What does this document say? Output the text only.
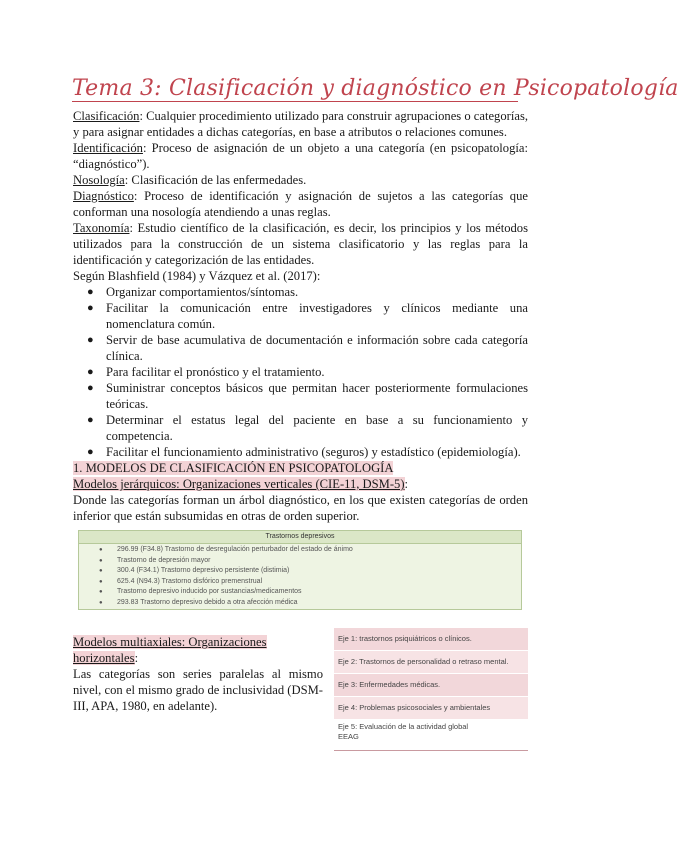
Tema 3: Clasificación y diagnóstico en Psicopatología

Clasificación: Cualquier procedimiento utilizado para construir agrupaciones o categorías, y para asignar entidades a dichas categorías, en base a atributos o relaciones comunes.

Identificación: Proceso de asignación de un objeto a una categoría (en psicopatología: “diagnóstico”).

Nosología: Clasificación de las enfermedades.

Diagnóstico: Proceso de identificación y asignación de sujetos a las categorías que conforman una nosología atendiendo a unas reglas.

Taxonomía: Estudio científico de la clasificación, es decir, los principios y los métodos utilizados para la construcción de un sistema clasificatorio y las reglas para la identificación y categorización de las entidades.

Según Blashfield (1984) y Vázquez et al. (2017):

● Organizar comportamientos/síntomas.
● Facilitar la comunicación entre investigadores y clínicos mediante una nomenclatura común.
● Servir de base acumulativa de documentación e información sobre cada categoría clínica.
● Para facilitar el pronóstico y el tratamiento.
● Suministrar conceptos básicos que permitan hacer posteriormente formulaciones teóricas.
● Determinar el estatus legal del paciente en base a su funcionamiento y competencia.
● Facilitar el funcionamiento administrativo (seguros) y estadístico (epidemiología).
1. MODELOS DE CLASIFICACIÓN EN PSICOPATOLOGÍA

Modelos jerárquicos: Organizaciones verticales (CIE-11, DSM-5):

Donde las categorías forman un árbol diagnóstico, en los que existen categorías de orden inferior que están subsumidas en otras de orden superior.

Trastornos depresivos
● 296.99 (F34.8) Trastorno de desregulación perturbador del estado de ánimo
● Trastorno de depresión mayor
● 300.4 (F34.1) Trastorno depresivo persistente (distimia)
● 625.4 (N94.3) Trastorno disfórico premenstrual
● Trastorno depresivo inducido por sustancias/medicamentos
● 293.83 Trastorno depresivo debido a otra afección médica

Modelos multiaxiales: Organizaciones horizontales:

Las categorías son series paralelas al mismo nivel, con el mismo grado de inclusividad (DSM-III, APA, 1980, en adelante).

Eje 1: trastornos psiquiátricos o clínicos.
Eje 2: Trastornos de personalidad o retraso mental.
Eje 3: Enfermedades médicas.
Eje 4: Problemas psicosociales y ambientales
Eje 5: Evaluación de la actividad global
EEAG
